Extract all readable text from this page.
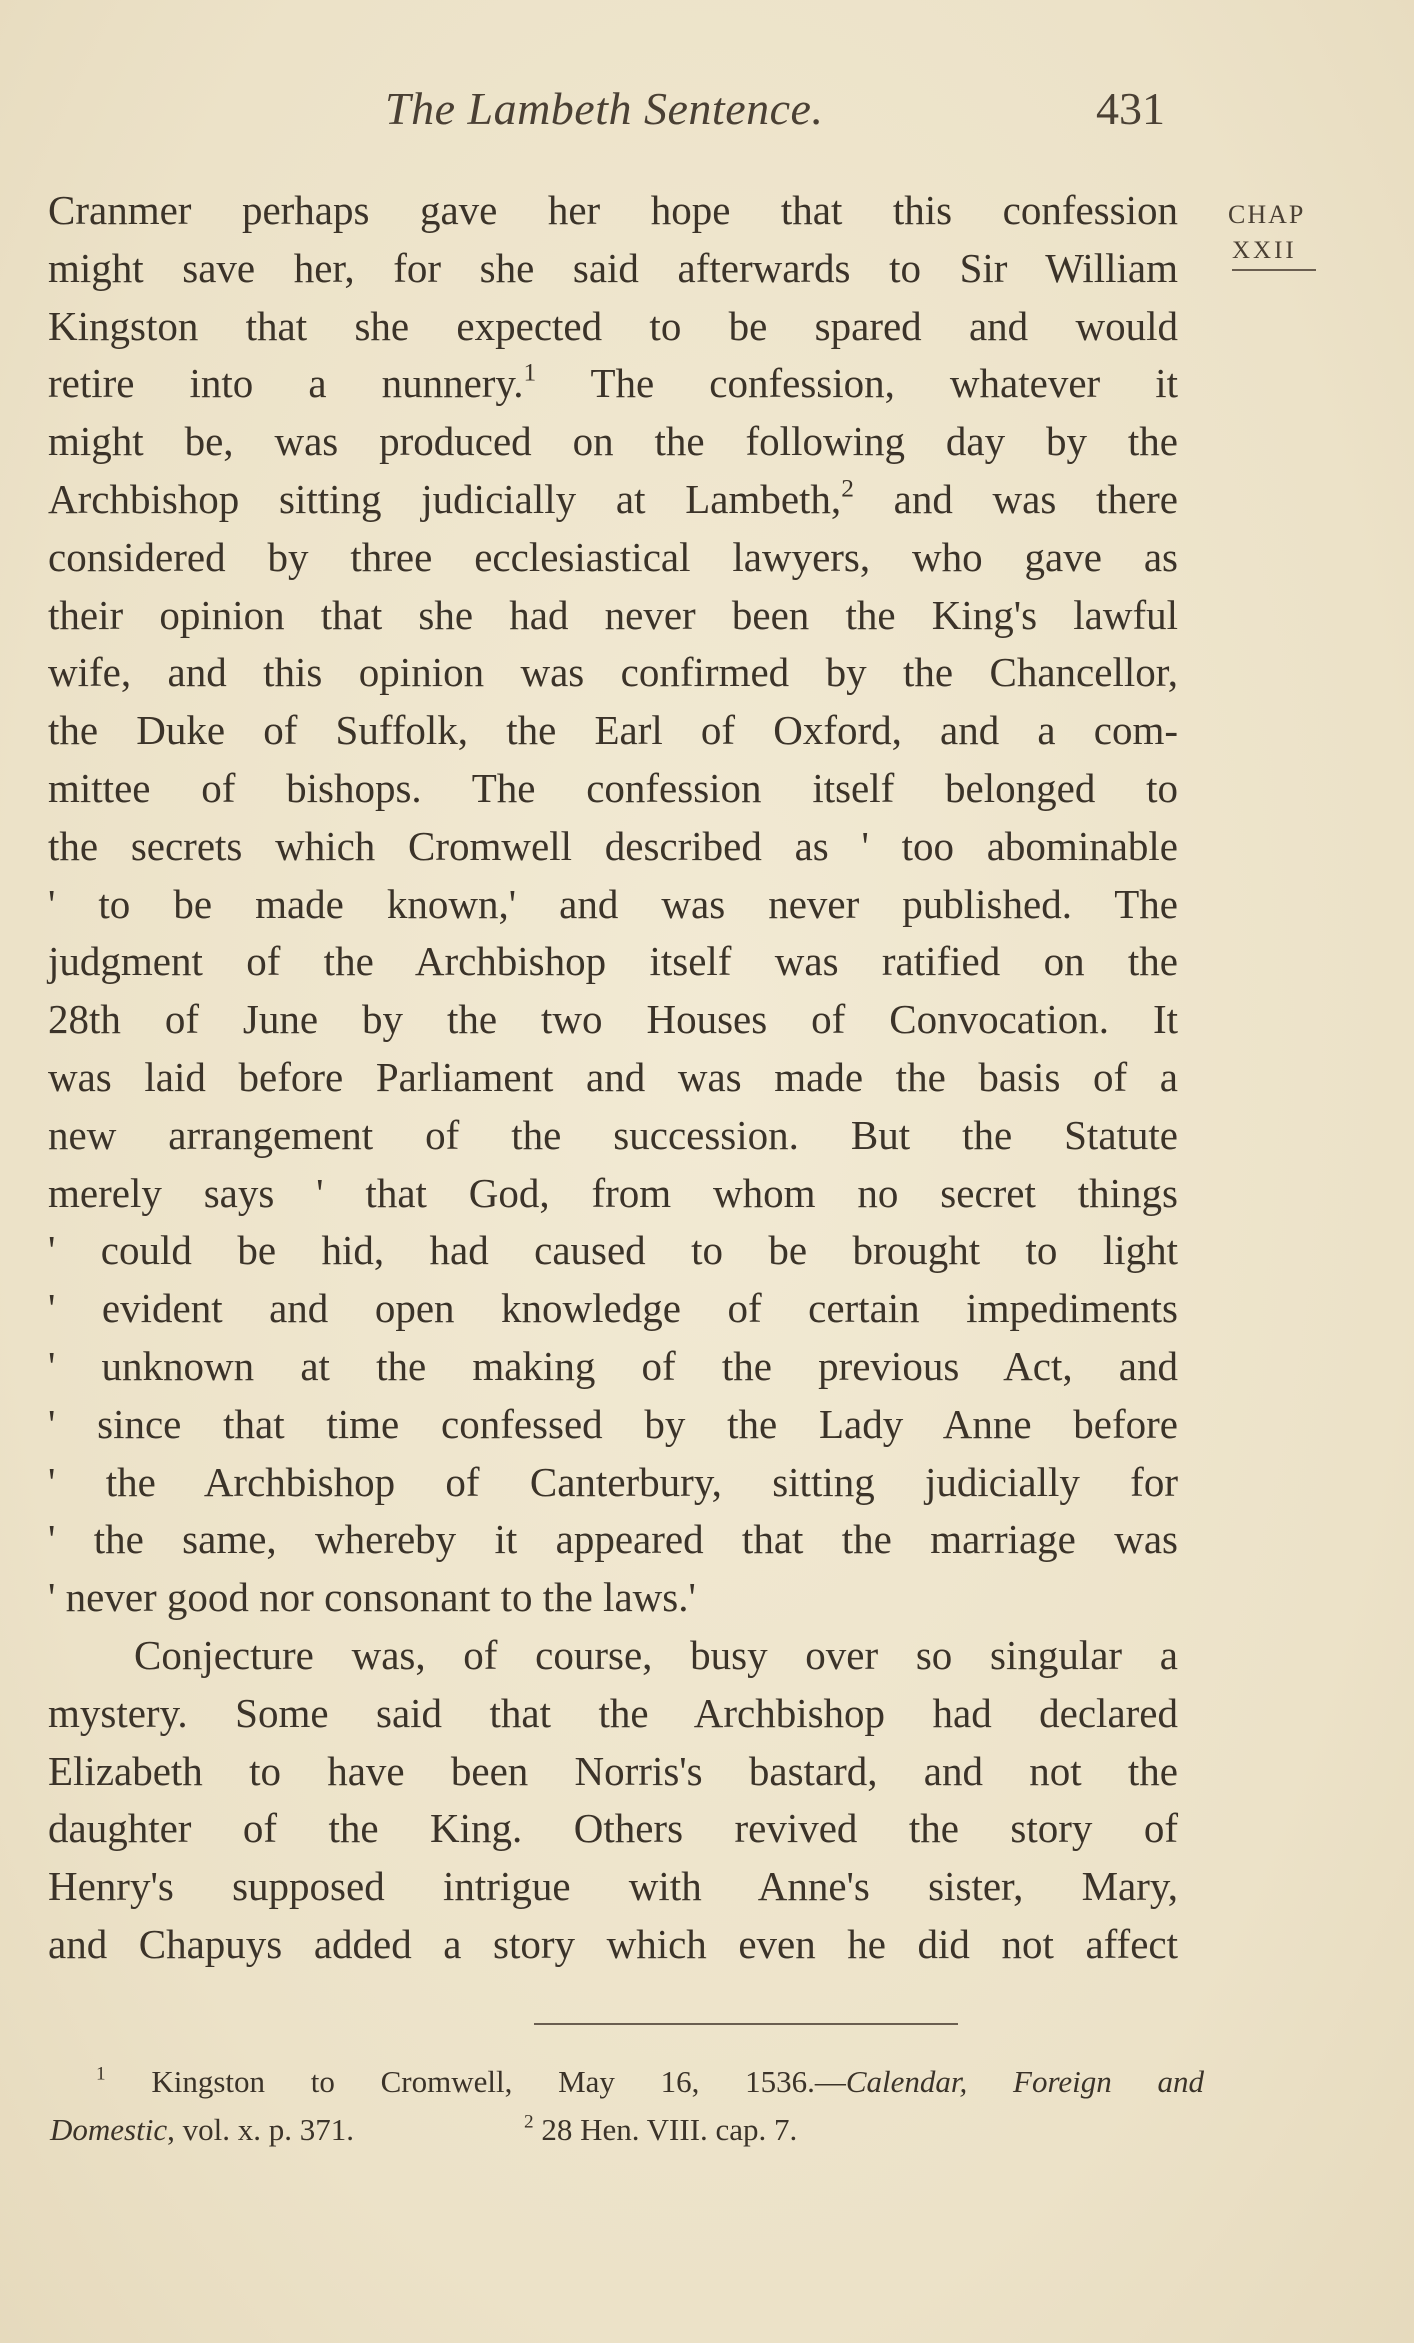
The Lambeth Sentence.	431
CHAP
XXII
Cranmer perhaps gave her hope that this confession
might save her, for she said afterwards to Sir William
Kingston that she expected to be spared and would
retire into a nunnery.$^1$ The confession, whatever it
might be, was produced on the following day by the
Archbishop sitting judicially at Lambeth,$^2$ and was there
considered by three ecclesiastical lawyers, who gave as
their opinion that she had never been the King's lawful
wife, and this opinion was confirmed by the Chancellor,
the Duke of Suffolk, the Earl of Oxford, and a com-
mittee of bishops. The confession itself belonged to
the secrets which Cromwell described as ' too abominable
' to be made known,' and was never published. The
judgment of the Archbishop itself was ratified on the
28th of June by the two Houses of Convocation. It
was laid before Parliament and was made the basis of a
new arrangement of the succession. But the Statute
merely says ' that God, from whom no secret things
' could be hid, had caused to be brought to light
' evident and open knowledge of certain impediments
' unknown at the making of the previous Act, and
' since that time confessed by the Lady Anne before
' the Archbishop of Canterbury, sitting judicially for
' the same, whereby it appeared that the marriage was
' never good nor consonant to the laws.'
Conjecture was, of course, busy over so singular a
mystery. Some said that the Archbishop had declared
Elizabeth to have been Norris's bastard, and not the
daughter of the King. Others revived the story of
Henry's supposed intrigue with Anne's sister, Mary,
and Chapuys added a story which even he did not affect
$^1$ Kingston to Cromwell, May 16, 1536.—Calendar, Foreign and
Domestic, vol. x. p. 371.	$^2$ 28 Hen. VIII. cap. 7.
